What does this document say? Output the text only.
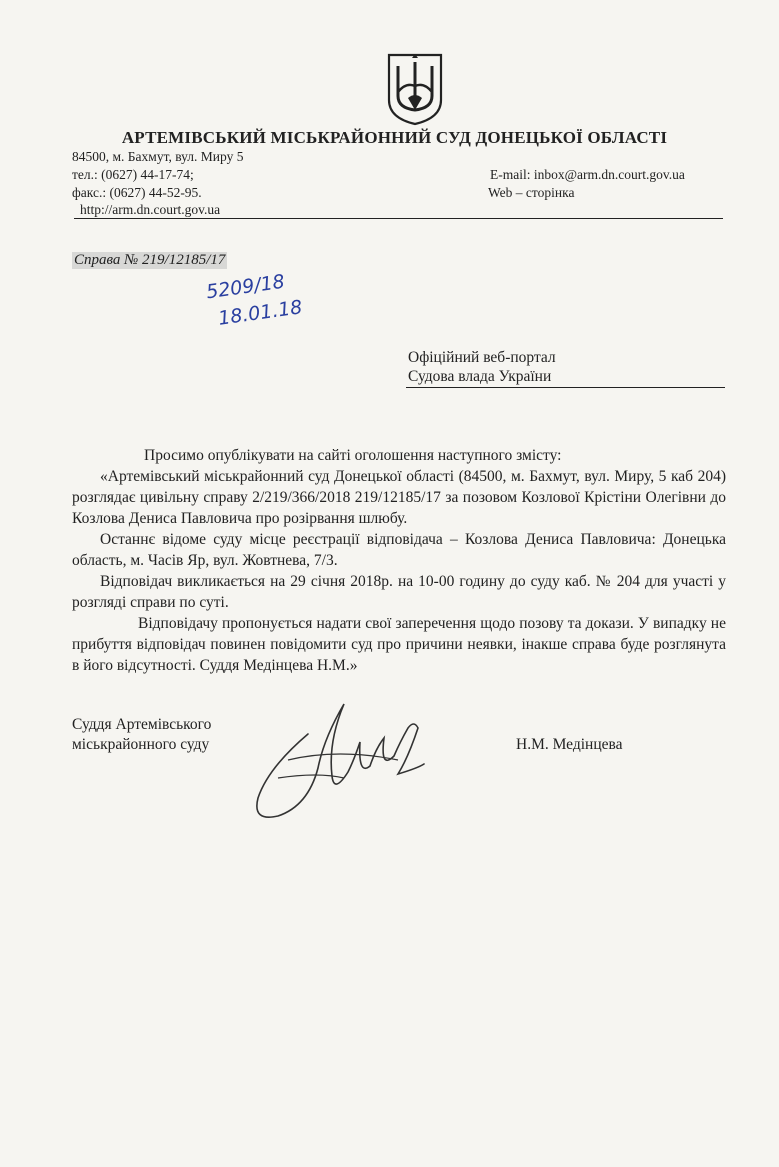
АРТЕМІВСЬКИЙ МІСЬКРАЙОННИЙ СУД ДОНЕЦЬКОЇ ОБЛАСТІ
84500, м. Бахмут, вул. Миру 5
тел.: (0627) 44-17-74;
факс.: (0627) 44-52-95.
http://arm.dn.court.gov.ua
E-mail: inbox@arm.dn.court.gov.ua
Web – сторінка
Справа № 219/12185/17
5209/18
18.01.18
Офіційний веб-портал
Судова влада України

Просимо опублікувати на сайті оголошення наступного змісту:

«Артемівський міськрайонний суд Донецької області (84500, м. Бахмут, вул. Миру, 5 каб 204) розглядає цивільну справу 2/219/366/2018 219/12185/17 за позовом Козлової Крістіни Олегівни до Козлова Дениса Павловича про розірвання шлюбу.

Останнє відоме суду місце реєстрації відповідача – Козлова Дениса Павловича: Донецька область, м. Часів Яр, вул. Жовтнева, 7/3.

Відповідач викликається на 29 січня 2018р. на 10-00 годину до суду каб. № 204 для участі у розгляді справи по суті.

Відповідачу пропонується надати свої заперечення щодо позову та докази. У випадку не прибуття відповідач повинен повідомити суд про причини неявки, інакше справа буде розглянута в його відсутності. Суддя Медінцева Н.М.»

Суддя Артемівського
міськрайонного суду	Н.М. Медінцева
